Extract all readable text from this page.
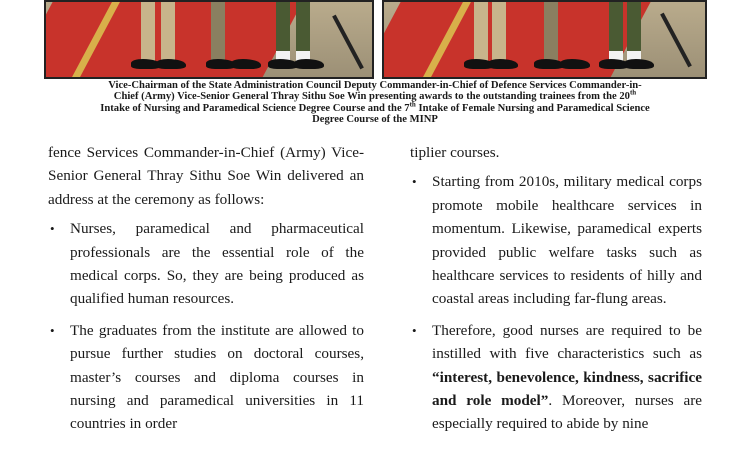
Vice-Chairman of the State Administration Council Deputy Commander-in-Chief of Defence Services Commander-in-
Chief (Army) Vice-Senior General Thray Sithu Soe Win presenting awards to the outstanding trainees from the 20th
Intake of Nursing and Paramedical Science Degree Course and the 7th Intake of Female Nursing and Paramedical Science
Degree Course of the MINP

fence Services Commander-in-Chief (Army) Vice-Senior General Thray Sithu Soe Win delivered an address at the ceremony as follows:

• Nurses, paramedical and pharmaceutical professionals are the essential role of the medical corps. So, they are being produced as qualified human resources.

• The graduates from the institute are allowed to pursue further studies on doctoral courses, master’s courses and diploma courses in nursing and paramedical universities in 11 countries in order

tiplier courses.

• Starting from 2010s, military medical corps promote mobile healthcare services in momentum. Likewise, paramedical experts provided public welfare tasks such as healthcare services to residents of hilly and coastal areas including far-flung areas.

• Therefore, good nurses are required to be instilled with five characteristics such as “interest, benevolence, kindness, sacrifice and role model”. Moreover, nurses are especially required to abide by nine
